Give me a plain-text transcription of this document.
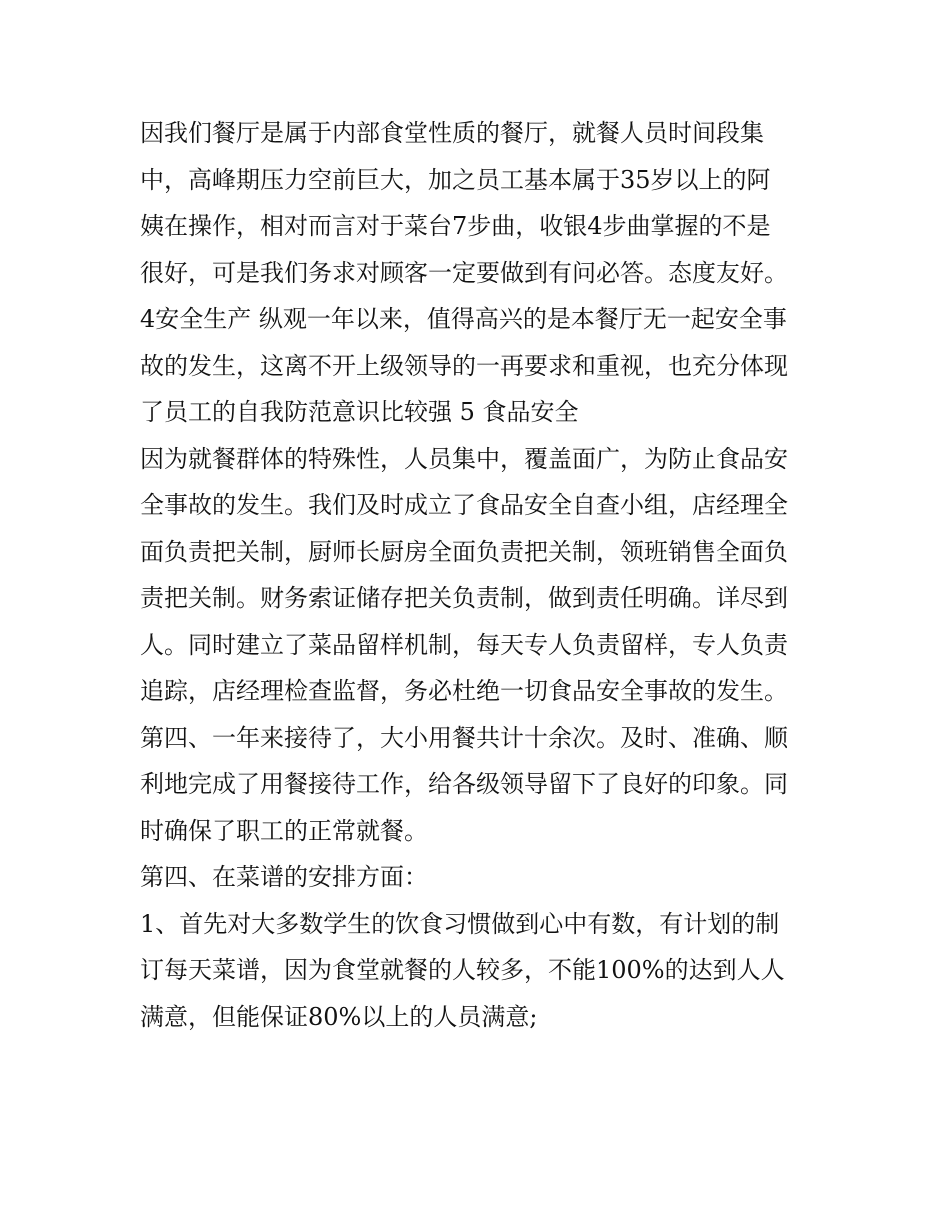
因我们餐厅是属于内部食堂性质的餐厅，就餐人员时间段集
中，高峰期压力空前巨大，加之员工基本属于35岁以上的阿
姨在操作，相对而言对于菜台7步曲，收银4步曲掌握的不是
很好，可是我们务求对顾客一定要做到有问必答。态度友好。
4安全生产 纵观一年以来，值得高兴的是本餐厅无一起安全事
故的发生，这离不开上级领导的一再要求和重视，也充分体现
了员工的自我防范意识比较强 5 食品安全
因为就餐群体的特殊性，人员集中，覆盖面广，为防止食品安
全事故的发生。我们及时成立了食品安全自查小组，店经理全
面负责把关制，厨师长厨房全面负责把关制，领班销售全面负
责把关制。财务索证储存把关负责制，做到责任明确。详尽到
人。同时建立了菜品留样机制，每天专人负责留样，专人负责
追踪，店经理检查监督，务必杜绝一切食品安全事故的发生。
第四、一年来接待了，大小用餐共计十余次。及时、准确、顺
利地完成了用餐接待工作，给各级领导留下了良好的印象。同
时确保了职工的正常就餐。
第四、在菜谱的安排方面：
1、首先对大多数学生的饮食习惯做到心中有数，有计划的制
订每天菜谱，因为食堂就餐的人较多，不能100%的达到人人
满意，但能保证80%以上的人员满意;
